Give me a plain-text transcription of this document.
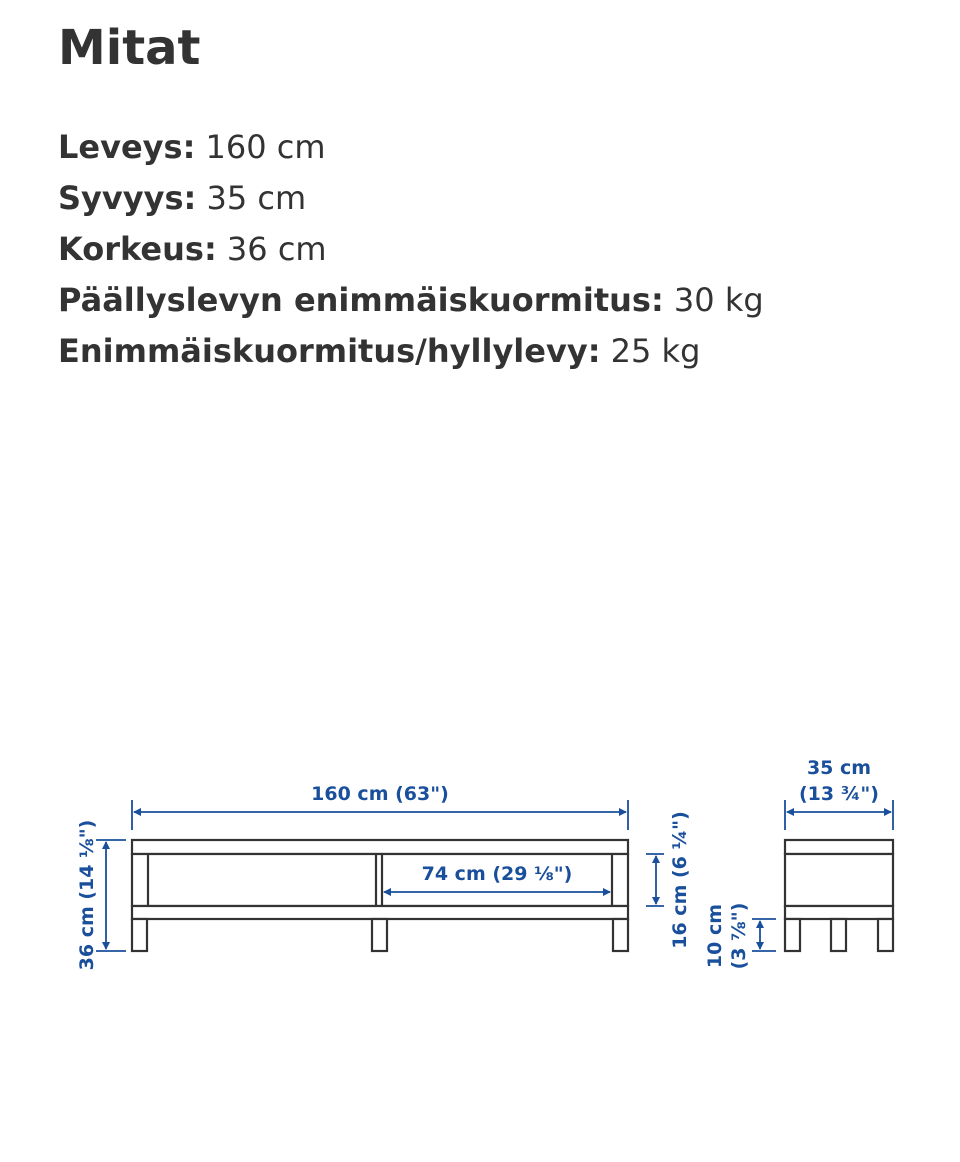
Mitat
Leveys: 160 cm
Syvyys: 35 cm
Korkeus: 36 cm
Päällyslevyn enimmäiskuormitus: 30 kg
Enimmäiskuormitus/hyllylevy: 25 kg
160 cm (63")
74 cm (29 ⅛")
36 cm (14 ⅛")	16 cm (6 ¼") 10 cm (3 ⅞")
35 cm
(13 ¾")
